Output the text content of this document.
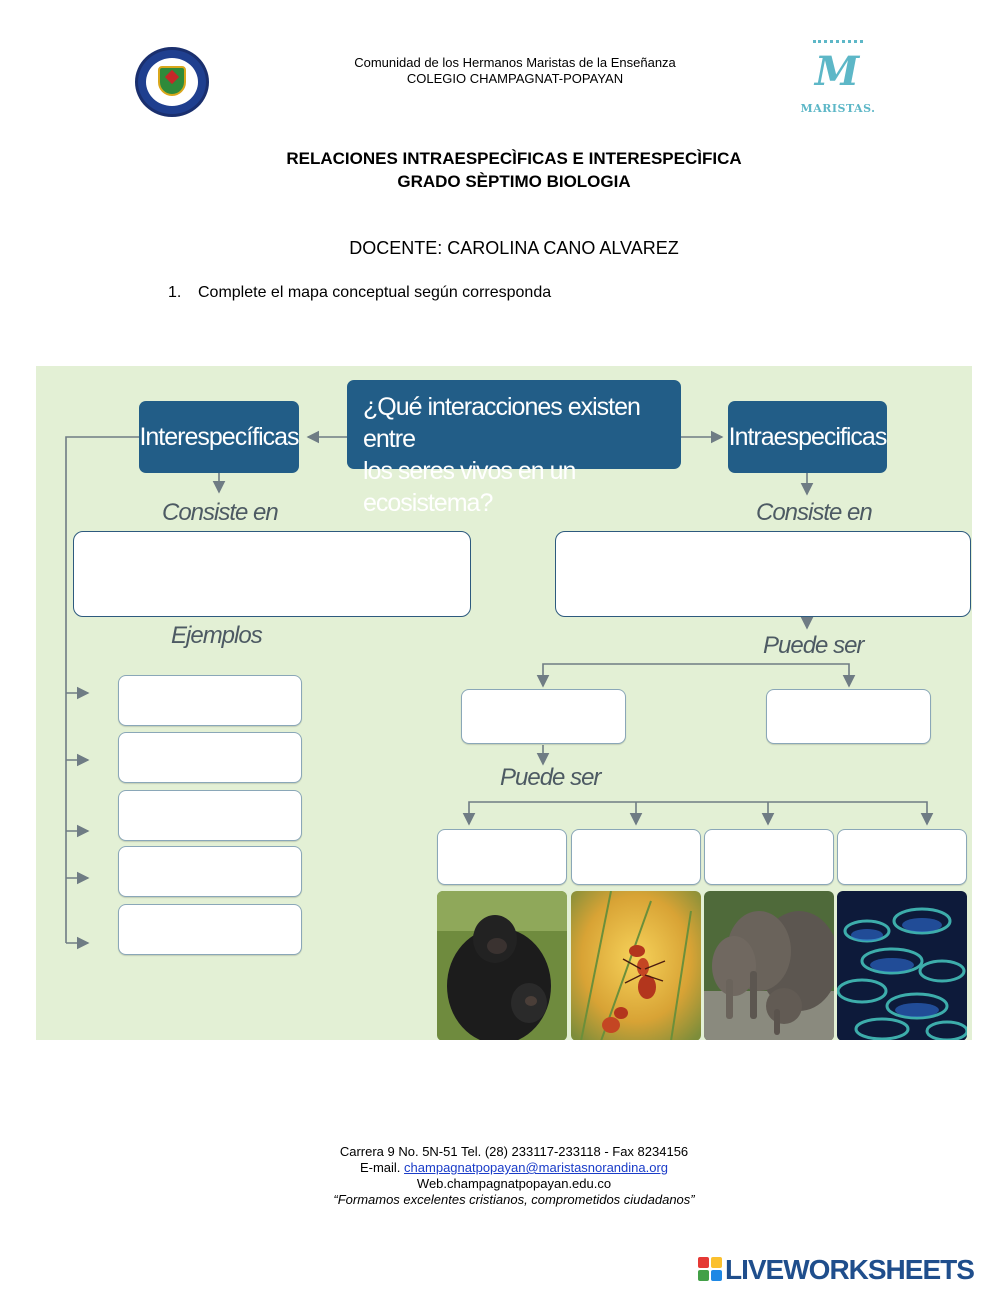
Comunidad de los Hermanos Maristas de la Enseñanza
COLEGIO CHAMPAGNAT-POPAYAN	M
MARISTAS.
RELACIONES INTRAESPECÌFICAS E INTERESPECÌFICA
GRADO SÈPTIMO BIOLOGIA
DOCENTE: CAROLINA CANO ALVAREZ
1. Complete el mapa conceptual según corresponda
¿Qué interacciones existen entre
los seres vivos en un ecosistema?
Interespecíficas	Intraespecificas
Consiste en	Consiste en
Ejemplos	Puede ser
Puede ser
Carrera 9 No. 5N-51 Tel. (28) 233117-233118 - Fax 8234156
E-mail. champagnatpopayan@maristasnorandina.org
Web.champagnatpopayan.edu.co
“Formamos excelentes cristianos, comprometidos ciudadanos”
LIVEWORKSHEETS
